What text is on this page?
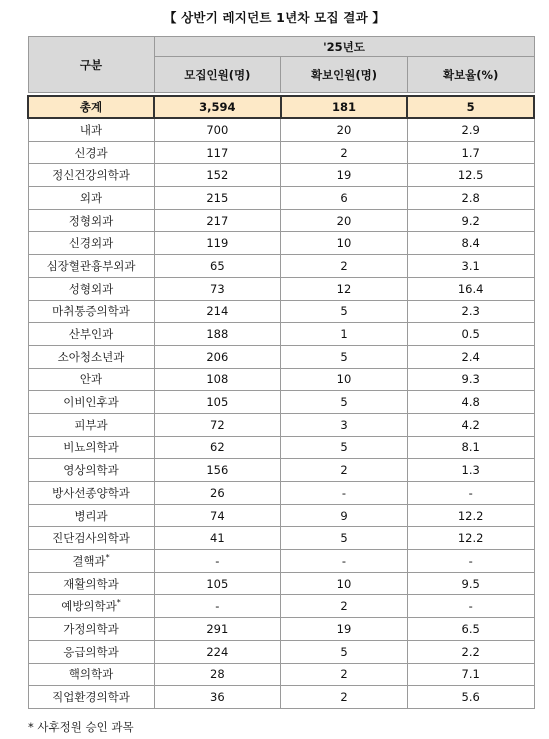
【 상반기 레지던트 1년차 모집 결과 】
구분	'25년도		
	모집인원(명)	확보인원(명)	확보율(%)

총계	3,594	181	5
내과	700	20	2.9
신경과	117	2	1.7
정신건강의학과	152	19	12.5
외과	215	6	2.8
정형외과	217	20	9.2
신경외과	119	10	8.4
심장혈관흉부외과	65	2	3.1
성형외과	73	12	16.4
마취통증의학과	214	5	2.3
산부인과	188	1	0.5
소아청소년과	206	5	2.4
안과	108	10	9.3
이비인후과	105	5	4.8
피부과	72	3	4.2
비뇨의학과	62	5	8.1
영상의학과	156	2	1.3
방사선종양학과	26	-	-
병리과	74	9	12.2
진단검사의학과	41	5	12.2
결핵과*	-	-	-
재활의학과	105	10	9.5
예방의학과*	-	2	-
가정의학과	291	19	6.5
응급의학과	224	5	2.2
핵의학과	28	2	7.1
직업환경의학과	36	2	5.6
* 사후정원 승인 과목
